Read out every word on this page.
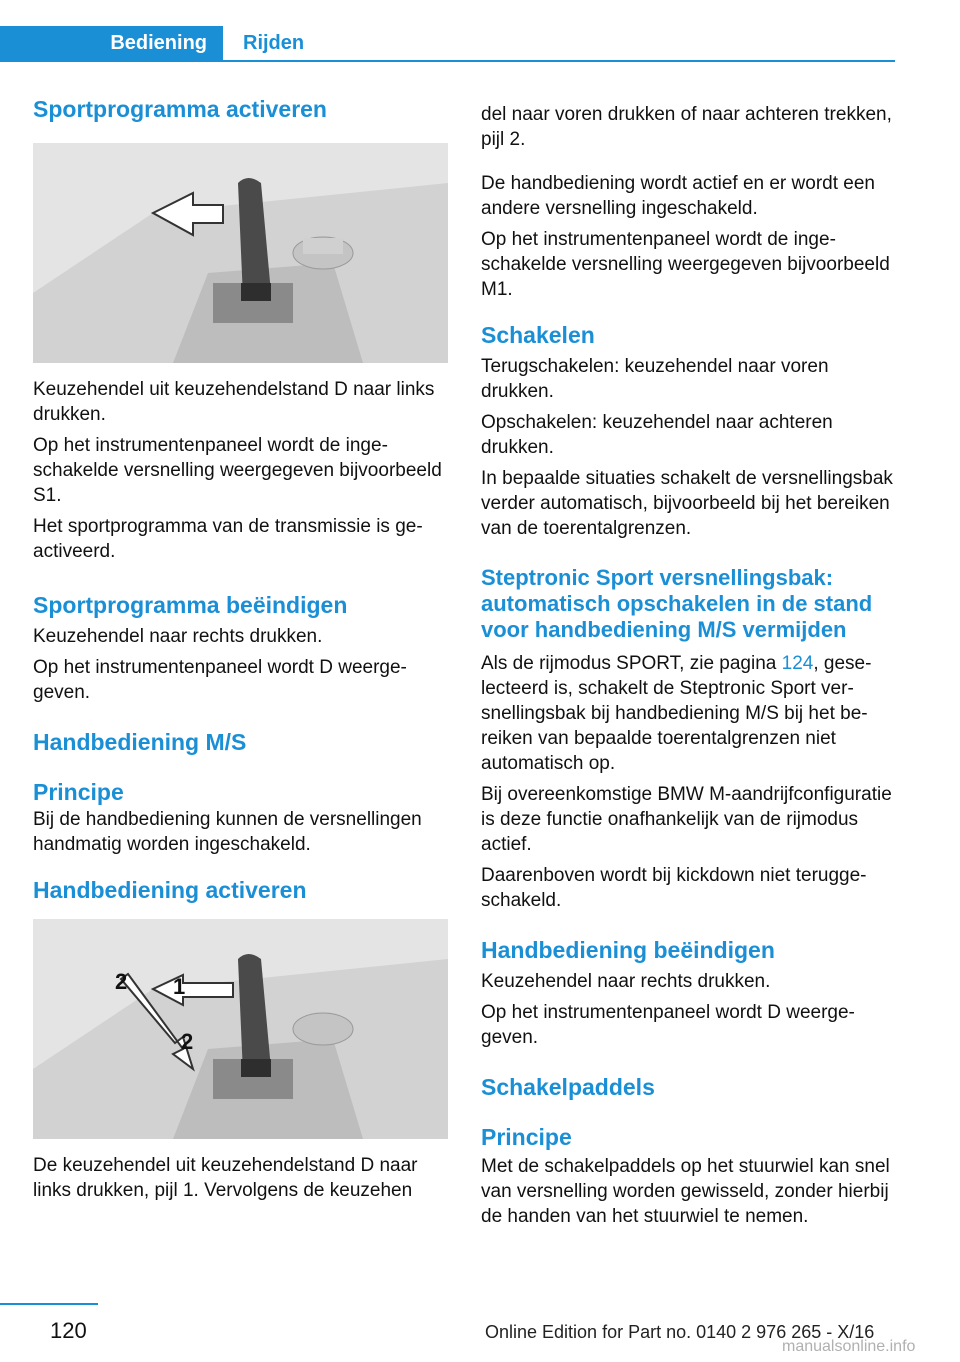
Bediening	Rijden
Sportprogramma activeren

Keuzehendel uit keuzehendelstand D naar links drukken.

Op het instrumentenpaneel wordt de ingeschakelde versnelling weergegeven bijvoorbeeld S1.

Het sportprogramma van de transmissie is geactiveerd.

Sportprogramma beëindigen

Keuzehendel naar rechts drukken.

Op het instrumentenpaneel wordt D weergegeven.

Handbediening M/S
Principe

Bij de handbediening kunnen de versnellingen handmatig worden ingeschakeld.

Handbediening activeren
1
2
2

De keuzehendel uit keuzehendelstand D naar links drukken, pijl 1. Vervolgens de keuzehen

del naar voren drukken of naar achteren trekken, pijl 2.

De handbediening wordt actief en er wordt een andere versnelling ingeschakeld.

Op het instrumentenpaneel wordt de ingeschakelde versnelling weergegeven bijvoorbeeld M1.

Schakelen

Terugschakelen: keuzehendel naar voren drukken.

Opschakelen: keuzehendel naar achteren drukken.

In bepaalde situaties schakelt de versnellingsbak verder automatisch, bijvoorbeeld bij het bereiken van de toerentalgrenzen.

Steptronic Sport versnellingsbak: automatisch opschakelen in de stand voor handbediening M/S vermijden

Als de rijmodus SPORT, zie pagina 124, geselecteerd is, schakelt de Steptronic Sport versnellingsbak bij handbediening M/S bij het bereiken van bepaalde toerentalgrenzen niet automatisch op.

Bij overeenkomstige BMW M-aandrijfconfiguratie is deze functie onafhankelijk van de rijmodus actief.

Daarenboven wordt bij kickdown niet teruggeschakeld.

Handbediening beëindigen

Keuzehendel naar rechts drukken.

Op het instrumentenpaneel wordt D weergegeven.

Schakelpaddels
Principe

Met de schakelpaddels op het stuurwiel kan snel van versnelling worden gewisseld, zonder hierbij de handen van het stuurwiel te nemen.

120	Online Edition for Part no. 0140 2 976 265 - X/16
manualsonline.info
